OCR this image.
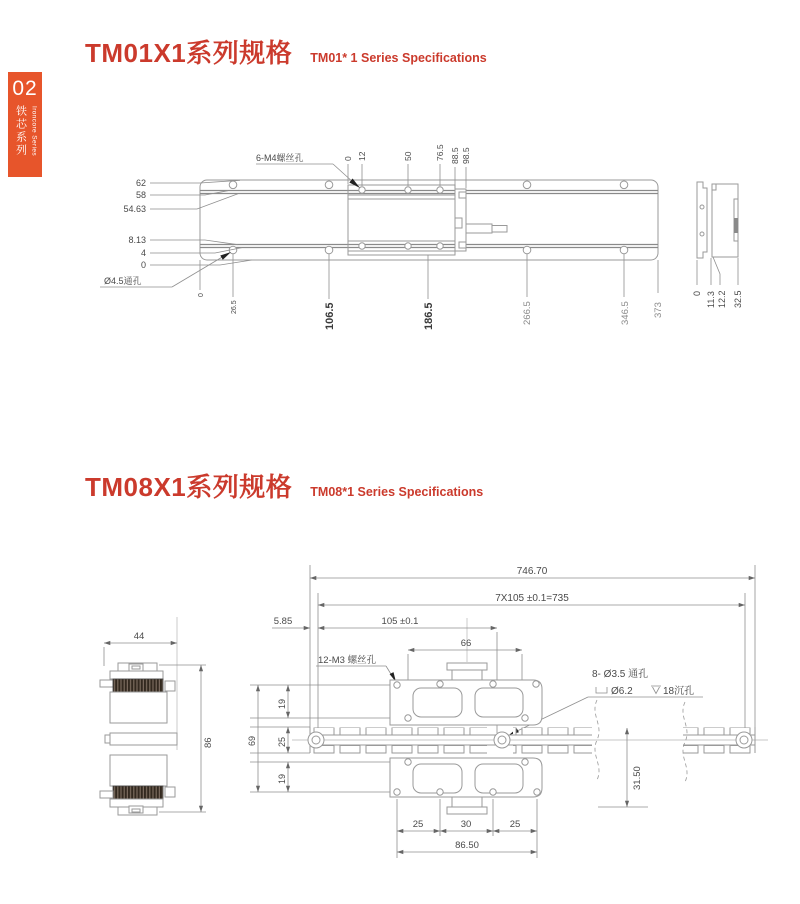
02
铁芯系列 Ironcore Series
TM01X1系列规格 TM01* 1 Series Specifications
TM08X1系列规格 TM08*1 Series Specifications
0 12	50	76.5 88.5 98.5
6-M4螺丝孔
62
58
54.63
8.13
4
0
Ø4.5通孔
0
26.5	106.5	186.5	266.5	346.5 373
0 11.3 12.2 32.5
44
86
746.70
7X105 ±0.1=735
5.85	105 ±0.1
66
12-M3 螺丝孔
8- Ø3.5 通孔
Ø6.2	18沉孔
19
25
19
69
31.50
25	30	25
86.50
